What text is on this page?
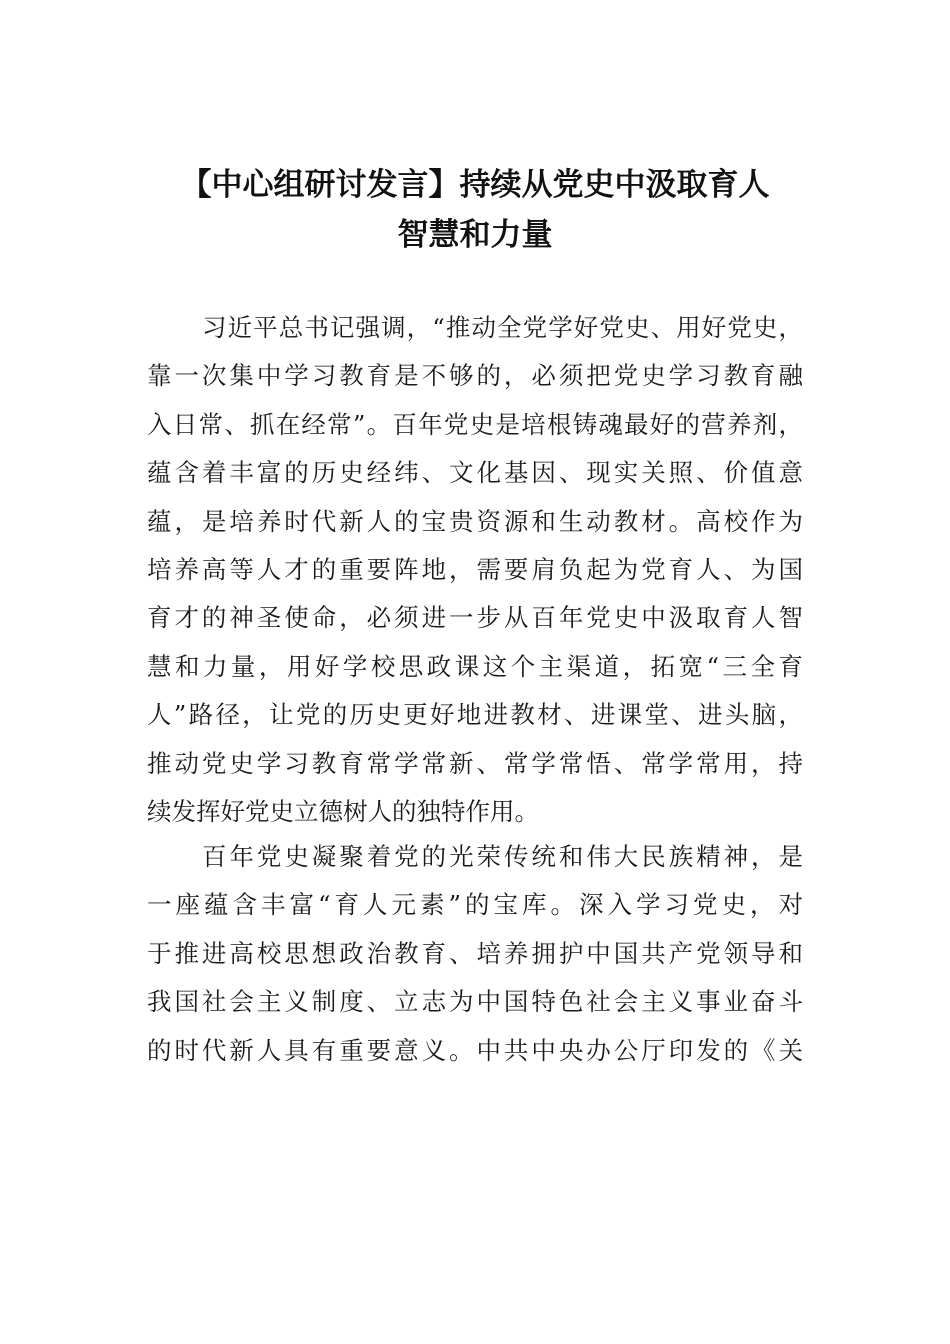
【中心组研讨发言】持续从党史中汲取育人
智慧和力量
习近平总书记强调，“推动全党学好党史、用好党史，
靠一次集中学习教育是不够的，必须把党史学习教育融
入日常、抓在经常”。百年党史是培根铸魂最好的营养剂，
蕴含着丰富的历史经纬、文化基因、现实关照、价值意
蕴，是培养时代新人的宝贵资源和生动教材。高校作为
培养高等人才的重要阵地，需要肩负起为党育人、为国
育才的神圣使命，必须进一步从百年党史中汲取育人智
慧和力量，用好学校思政课这个主渠道，拓宽“三全育
人”路径，让党的历史更好地进教材、进课堂、进头脑，
推动党史学习教育常学常新、常学常悟、常学常用，持
续发挥好党史立德树人的独特作用。
百年党史凝聚着党的光荣传统和伟大民族精神，是
一座蕴含丰富“育人元素”的宝库。深入学习党史，对
于推进高校思想政治教育、培养拥护中国共产党领导和
我国社会主义制度、立志为中国特色社会主义事业奋斗
的时代新人具有重要意义。中共中央办公厅印发的《关
